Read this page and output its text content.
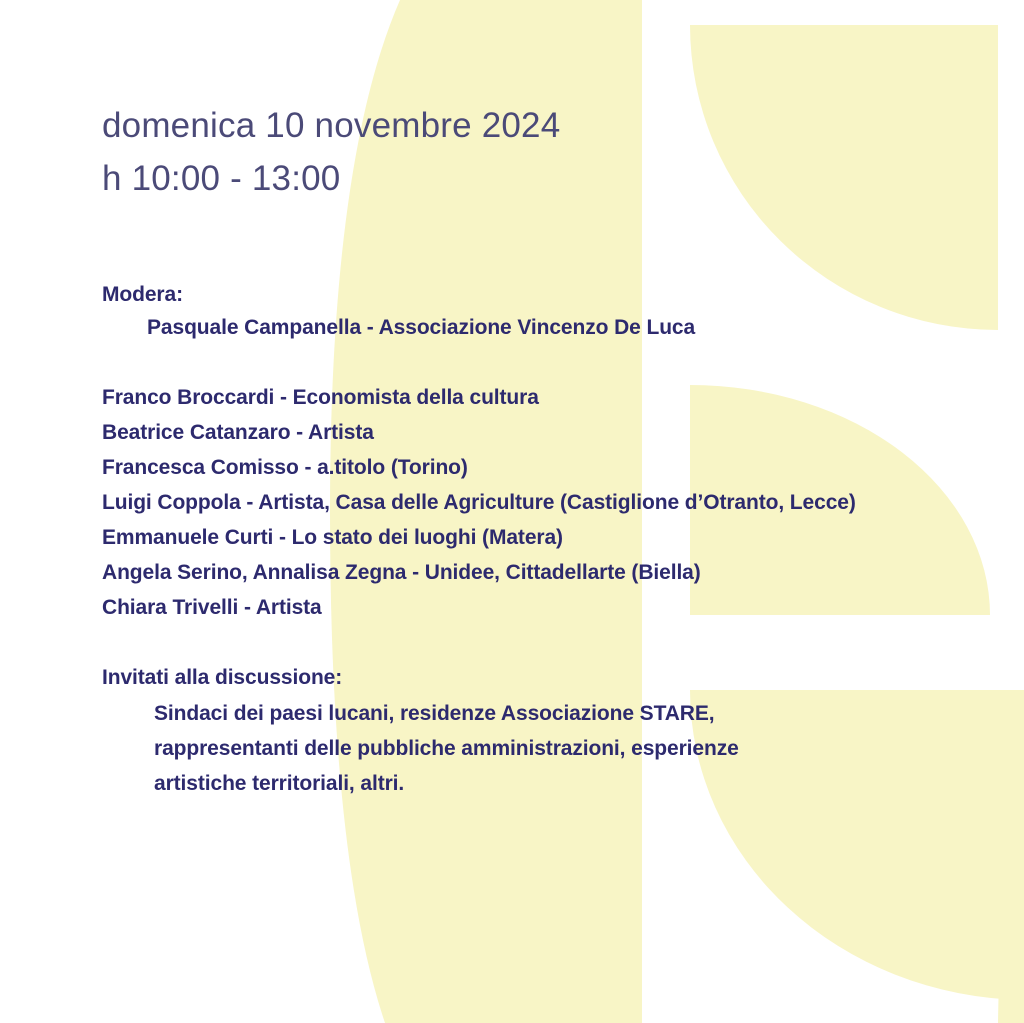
domenica 10 novembre 2024
h 10:00 - 13:00
Modera:
Pasquale Campanella - Associazione Vincenzo De Luca
Franco Broccardi - Economista della cultura
Beatrice Catanzaro - Artista
Francesca Comisso - a.titolo (Torino)
Luigi Coppola - Artista, Casa delle Agriculture (Castiglione d’Otranto, Lecce)
Emmanuele Curti - Lo stato dei luoghi (Matera)
Angela Serino, Annalisa Zegna - Unidee, Cittadellarte (Biella)
Chiara Trivelli - Artista
Invitati alla discussione:
Sindaci dei paesi lucani, residenze Associazione STARE,
rappresentanti delle pubbliche amministrazioni, esperienze
artistiche territoriali, altri.
